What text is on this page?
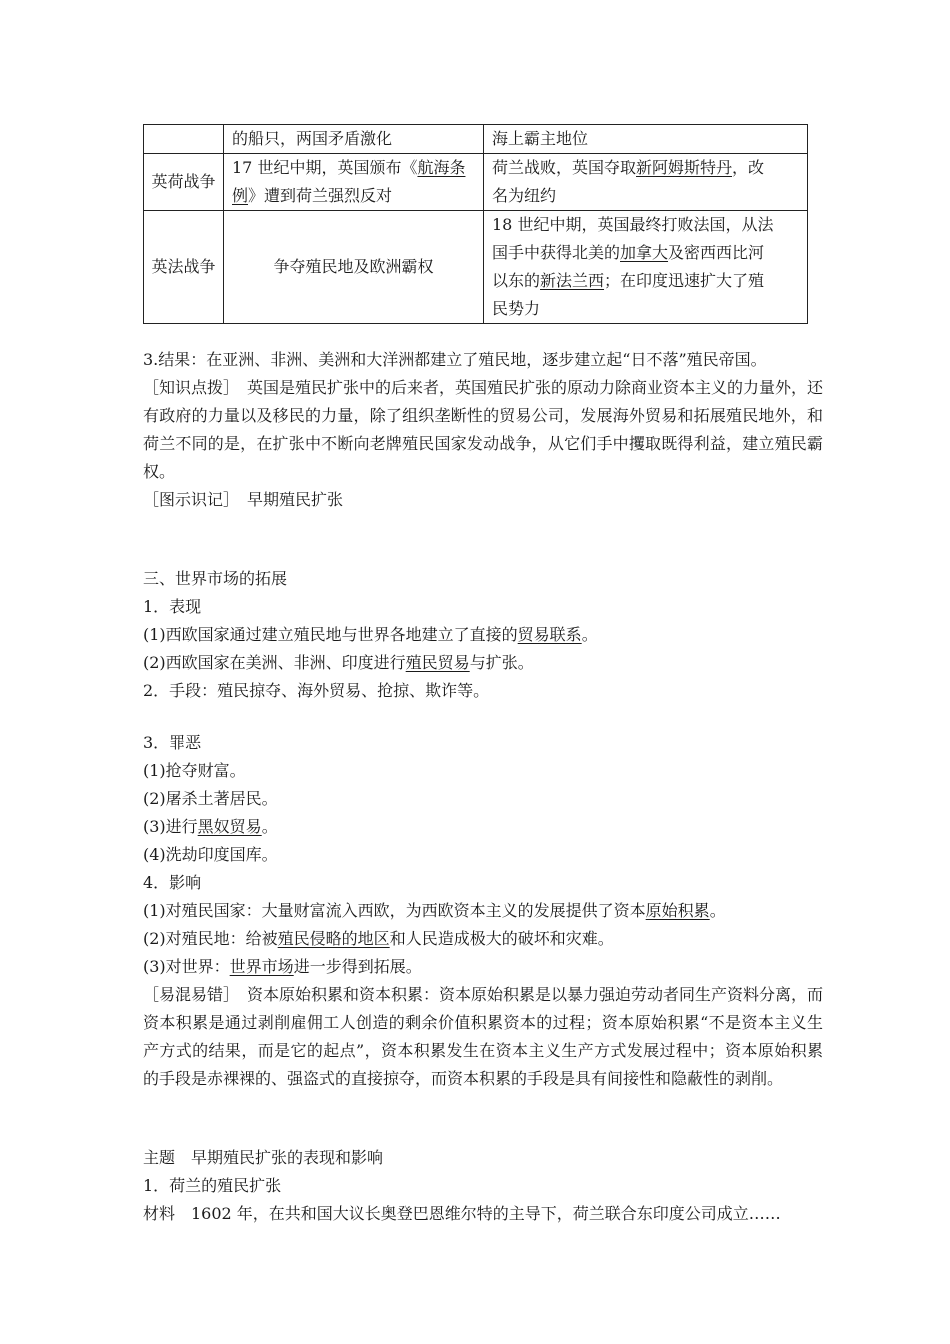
	的船只，两国矛盾激化	海上霸主地位
英荷战争	17 世纪中期，英国颁布《航海条
例》遭到荷兰强烈反对	荷兰战败，英国夺取新阿姆斯特丹，改
名为纽约
英法战争	争夺殖民地及欧洲霸权	18 世纪中期，英国最终打败法国，从法
国手中获得北美的加拿大及密西西比河
以东的新法兰西；在印度迅速扩大了殖
民势力
3.结果：在亚洲、非洲、美洲和大洋洲都建立了殖民地，逐步建立起“日不落”殖民帝国。
［知识点拨］　英国是殖民扩张中的后来者，英国殖民扩张的原动力除商业资本主义的力量外，还有政府的力量以及移民的力量，除了组织垄断性的贸易公司，发展海外贸易和拓展殖民地外，和荷兰不同的是，在扩张中不断向老牌殖民国家发动战争，从它们手中攫取既得利益，建立殖民霸权。
［图示识记］　早期殖民扩张
三、世界市场的拓展
1．表现
(1)西欧国家通过建立殖民地与世界各地建立了直接的贸易联系。
(2)西欧国家在美洲、非洲、印度进行殖民贸易与扩张。
2．手段：殖民掠夺、海外贸易、抢掠、欺诈等。
3．罪恶
(1)抢夺财富。
(2)屠杀土著居民。
(3)进行黑奴贸易。
(4)洗劫印度国库。
4．影响
(1)对殖民国家：大量财富流入西欧，为西欧资本主义的发展提供了资本原始积累。
(2)对殖民地：给被殖民侵略的地区和人民造成极大的破坏和灾难。
(3)对世界：世界市场进一步得到拓展。
［易混易错］　资本原始积累和资本积累：资本原始积累是以暴力强迫劳动者同生产资料分离，而资本积累是通过剥削雇佣工人创造的剩余价值积累资本的过程；资本原始积累“不是资本主义生产方式的结果，而是它的起点”，资本积累发生在资本主义生产方式发展过程中；资本原始积累的手段是赤裸裸的、强盗式的直接掠夺，而资本积累的手段是具有间接性和隐蔽性的剥削。
主题　早期殖民扩张的表现和影响
1．荷兰的殖民扩张
材料　1602 年，在共和国大议长奥登巴恩维尔特的主导下，荷兰联合东印度公司成立……
